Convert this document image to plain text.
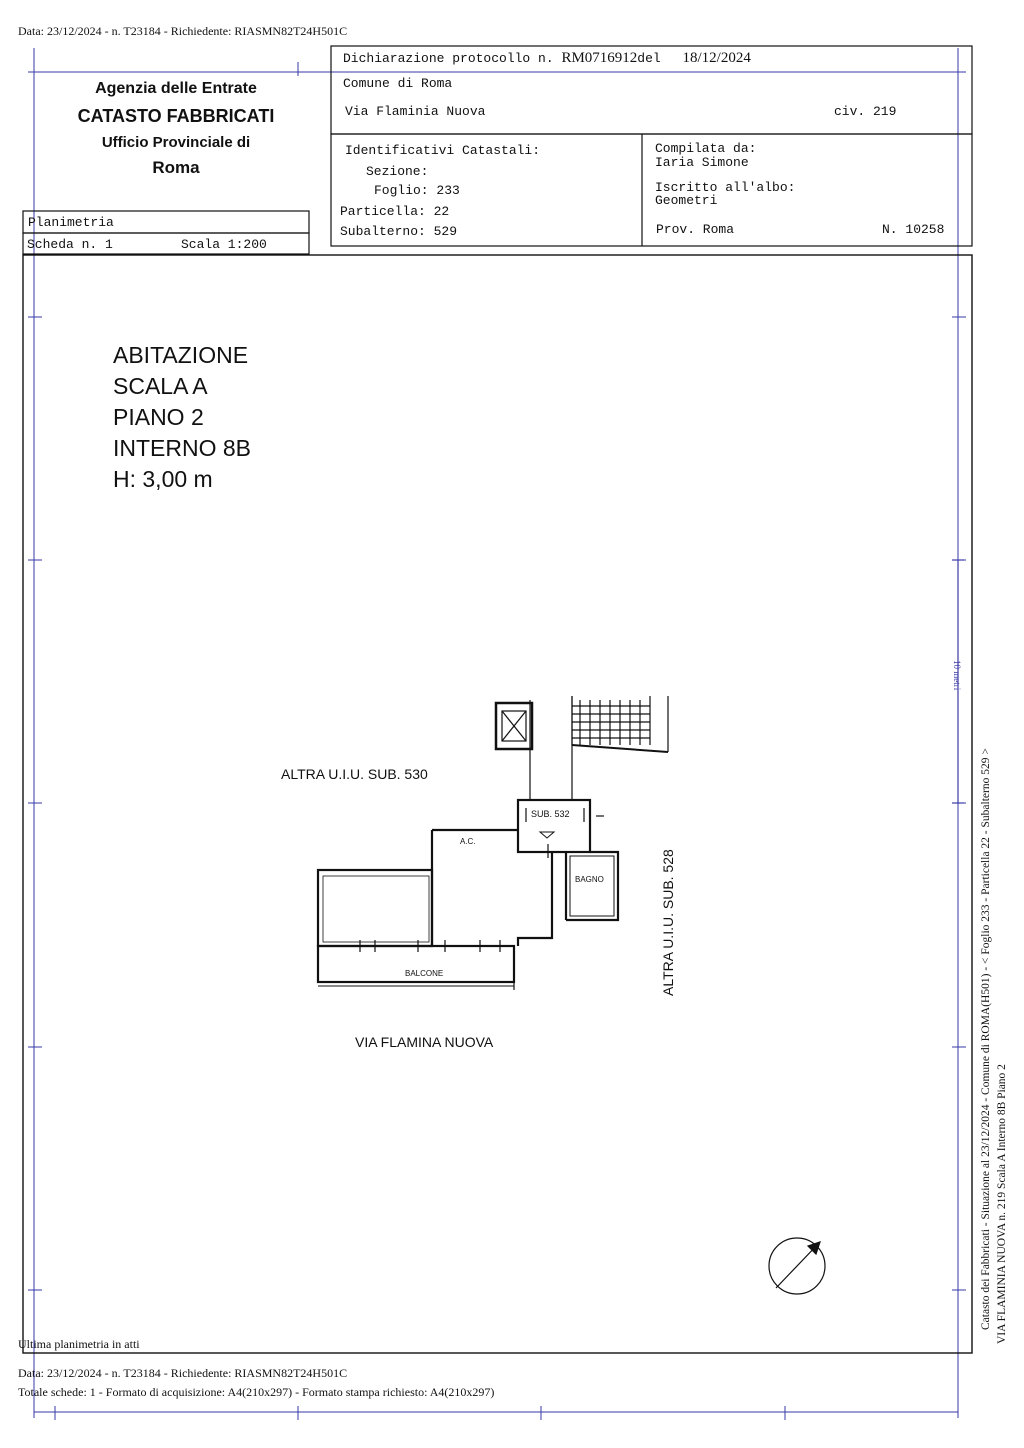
Data: 23/12/2024 - n. T23184 - Richiedente: RIASMN82T24H501C
Agenzia delle Entrate
CATASTO FABBRICATI
Ufficio Provinciale di
Roma
Dichiarazione protocollo n. RM0716912del 18/12/2024
Comune di Roma
Via Flaminia Nuova	civ. 219
Identificativi Catastali:
Sezione:
Foglio: 233
Particella: 22
Subalterno: 529
Compilata da:
Iaria Simone
Iscritto all'albo:
Geometri
Prov. Roma	N. 10258
Planimetria
Scheda n. 1	Scala 1:200
ABITAZIONE
SCALA A
PIANO 2
INTERNO 8B
H: 3,00 m
ALTRA U.I.U. SUB. 530
SUB. 532
A.C.
BAGNO
BALCONE
VIA FLAMINA NUOVA
ALTRA U.I.U. SUB. 528
10 metri
Catasto dei Fabbricati - Situazione al 23/12/2024 - Comune di ROMA(H501) - < Foglio 233 - Particella 22 - Subalterno 529 > VIA FLAMINIA NUOVA n. 219 Scala A Interno 8B Piano 2
Ultima planimetria in atti
Data: 23/12/2024 - n. T23184 - Richiedente: RIASMN82T24H501C
Totale schede: 1 - Formato di acquisizione: A4(210x297) - Formato stampa richiesto: A4(210x297)
